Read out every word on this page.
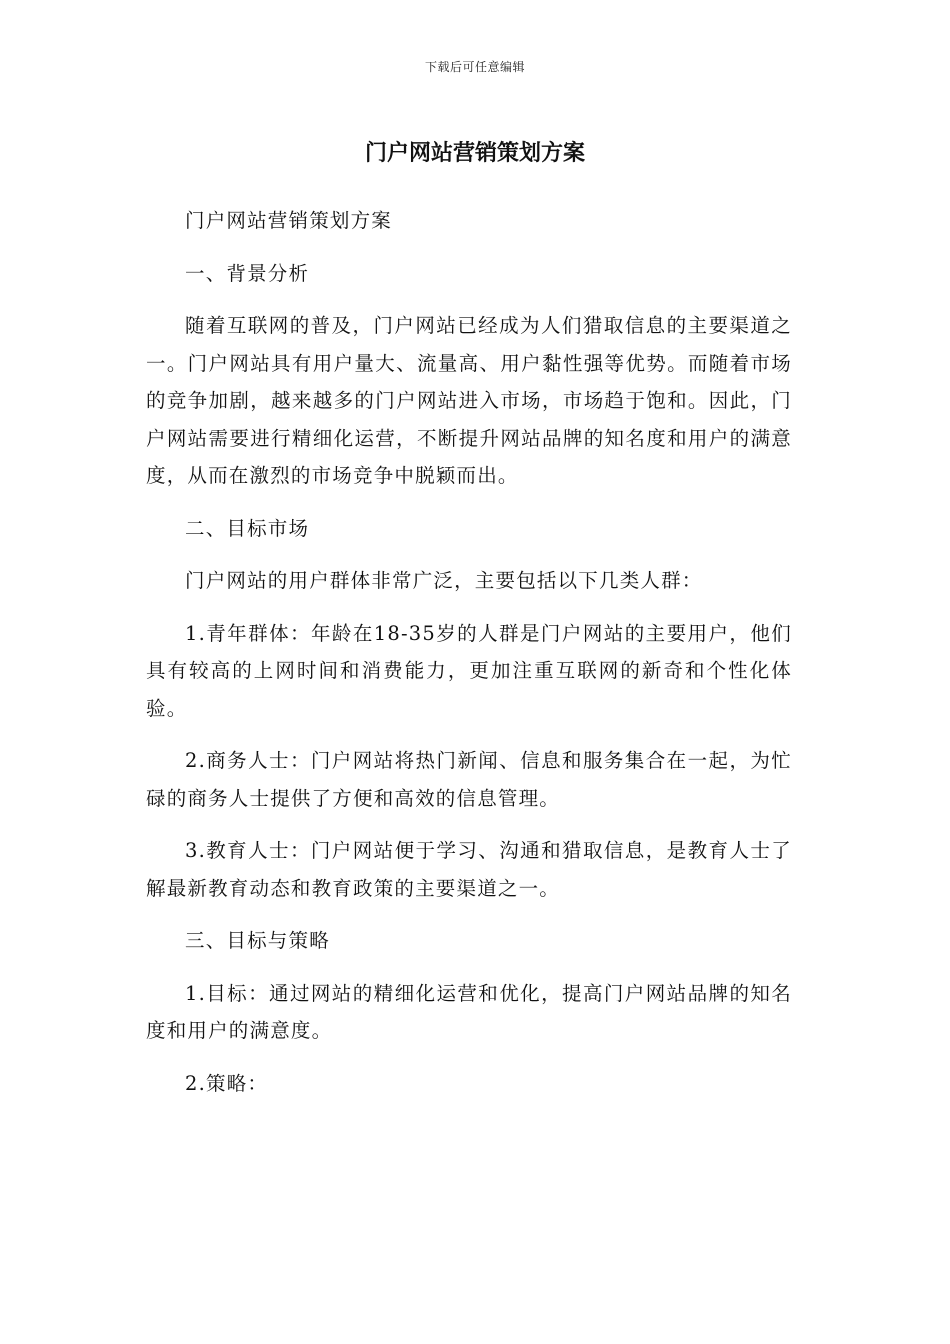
下载后可任意编辑
门户网站营销策划方案

门户网站营销策划方案

一、背景分析

随着互联网的普及，门户网站已经成为人们猎取信息的主要渠道之一。门户网站具有用户量大、流量高、用户黏性强等优势。而随着市场的竞争加剧，越来越多的门户网站进入市场，市场趋于饱和。因此，门户网站需要进行精细化运营，不断提升网站品牌的知名度和用户的满意度，从而在激烈的市场竞争中脱颖而出。

二、目标市场

门户网站的用户群体非常广泛，主要包括以下几类人群：

1.青年群体：年龄在18-35岁的人群是门户网站的主要用户，他们具有较高的上网时间和消费能力，更加注重互联网的新奇和个性化体验。

2.商务人士：门户网站将热门新闻、信息和服务集合在一起，为忙碌的商务人士提供了方便和高效的信息管理。

3.教育人士：门户网站便于学习、沟通和猎取信息，是教育人士了解最新教育动态和教育政策的主要渠道之一。

三、目标与策略

1.目标：通过网站的精细化运营和优化，提高门户网站品牌的知名度和用户的满意度。

2.策略：
